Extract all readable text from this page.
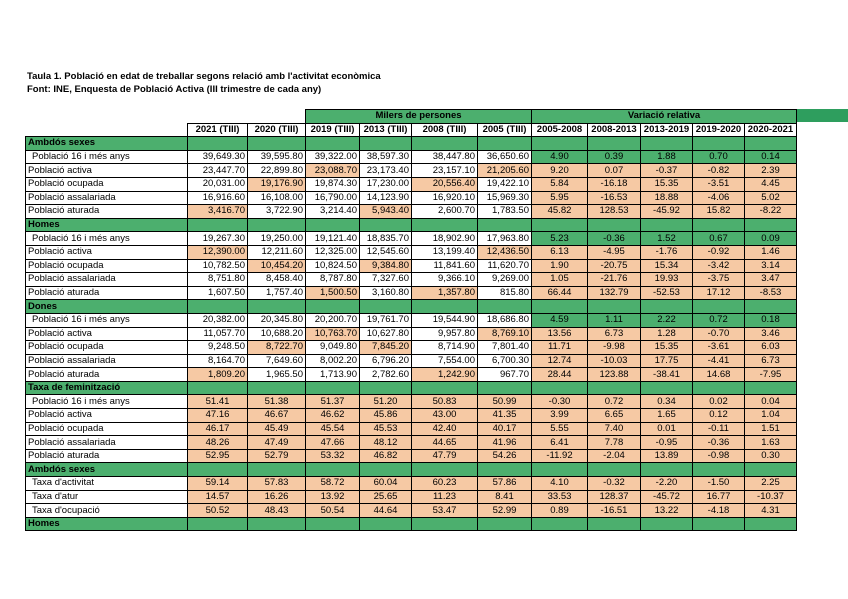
Taula 1. Població en edat de treballar segons relació amb l'activitat econòmica
Font: INE, Enquesta de Població Activa (III trimestre de cada any)
			Milers de persones				Variació relativa				
	2021 (TIII)	2020 (TIII)	2019 (TIII)	2013 (TIII)	2008 (TIII)	2005 (TIII)	2005-2008	2008-2013	2013-2019	2019-2020	2020-2021
Ambdós sexes											
Població 16 i més anys	39,649.30	39,595.80	39,322.00	38,597.30	38,447.80	36,650.60	4.90	0.39	1.88	0.70	0.14
Població activa	23,447.70	22,899.80	23,088.70	23,173.40	23,157.10	21,205.60	9.20	0.07	-0.37	-0.82	2.39
Població ocupada	20,031.00	19,176.90	19,874.30	17,230.00	20,556.40	19,422.10	5.84	-16.18	15.35	-3.51	4.45
Població assalariada	16,916.60	16,108.00	16,790.00	14,123.90	16,920.10	15,969.30	5.95	-16.53	18.88	-4.06	5.02
Població aturada	3,416.70	3,722.90	3,214.40	5,943.40	2,600.70	1,783.50	45.82	128.53	-45.92	15.82	-8.22
Homes											
Població 16 i més anys	19,267.30	19,250.00	19,121.40	18,835.70	18,902.90	17,963.80	5.23	-0.36	1.52	0.67	0.09
Població activa	12,390.00	12,211.60	12,325.00	12,545.60	13,199.40	12,436.50	6.13	-4.95	-1.76	-0.92	1.46
Població ocupada	10,782.50	10,454.20	10,824.50	9,384.80	11,841.60	11,620.70	1.90	-20.75	15.34	-3.42	3.14
Població assalariada	8,751.80	8,458.40	8,787.80	7,327.60	9,366.10	9,269.00	1.05	-21.76	19.93	-3.75	3.47
Població aturada	1,607.50	1,757.40	1,500.50	3,160.80	1,357.80	815.80	66.44	132.79	-52.53	17.12	-8.53
Dones											
Població 16 i més anys	20,382.00	20,345.80	20,200.70	19,761.70	19,544.90	18,686.80	4.59	1.11	2.22	0.72	0.18
Població activa	11,057.70	10,688.20	10,763.70	10,627.80	9,957.80	8,769.10	13.56	6.73	1.28	-0.70	3.46
Població ocupada	9,248.50	8,722.70	9,049.80	7,845.20	8,714.90	7,801.40	11.71	-9.98	15.35	-3.61	6.03
Població assalariada	8,164.70	7,649.60	8,002.20	6,796.20	7,554.00	6,700.30	12.74	-10.03	17.75	-4.41	6.73
Població aturada	1,809.20	1,965.50	1,713.90	2,782.60	1,242.90	967.70	28.44	123.88	-38.41	14.68	-7.95
Taxa de feminització											
Població 16 i més anys	51.41	51.38	51.37	51.20	50.83	50.99	-0.30	0.72	0.34	0.02	0.04
Població activa	47.16	46.67	46.62	45.86	43.00	41.35	3.99	6.65	1.65	0.12	1.04
Població ocupada	46.17	45.49	45.54	45.53	42.40	40.17	5.55	7.40	0.01	-0.11	1.51
Població assalariada	48.26	47.49	47.66	48.12	44.65	41.96	6.41	7.78	-0.95	-0.36	1.63
Població aturada	52.95	52.79	53.32	46.82	47.79	54.26	-11.92	-2.04	13.89	-0.98	0.30
Ambdós sexes											
Taxa d'activitat	59.14	57.83	58.72	60.04	60.23	57.86	4.10	-0.32	-2.20	-1.50	2.25
Taxa d'atur	14.57	16.26	13.92	25.65	11.23	8.41	33.53	128.37	-45.72	16.77	-10.37
Taxa d'ocupació	50.52	48.43	50.54	44.64	53.47	52.99	0.89	-16.51	13.22	-4.18	4.31
Homes											
